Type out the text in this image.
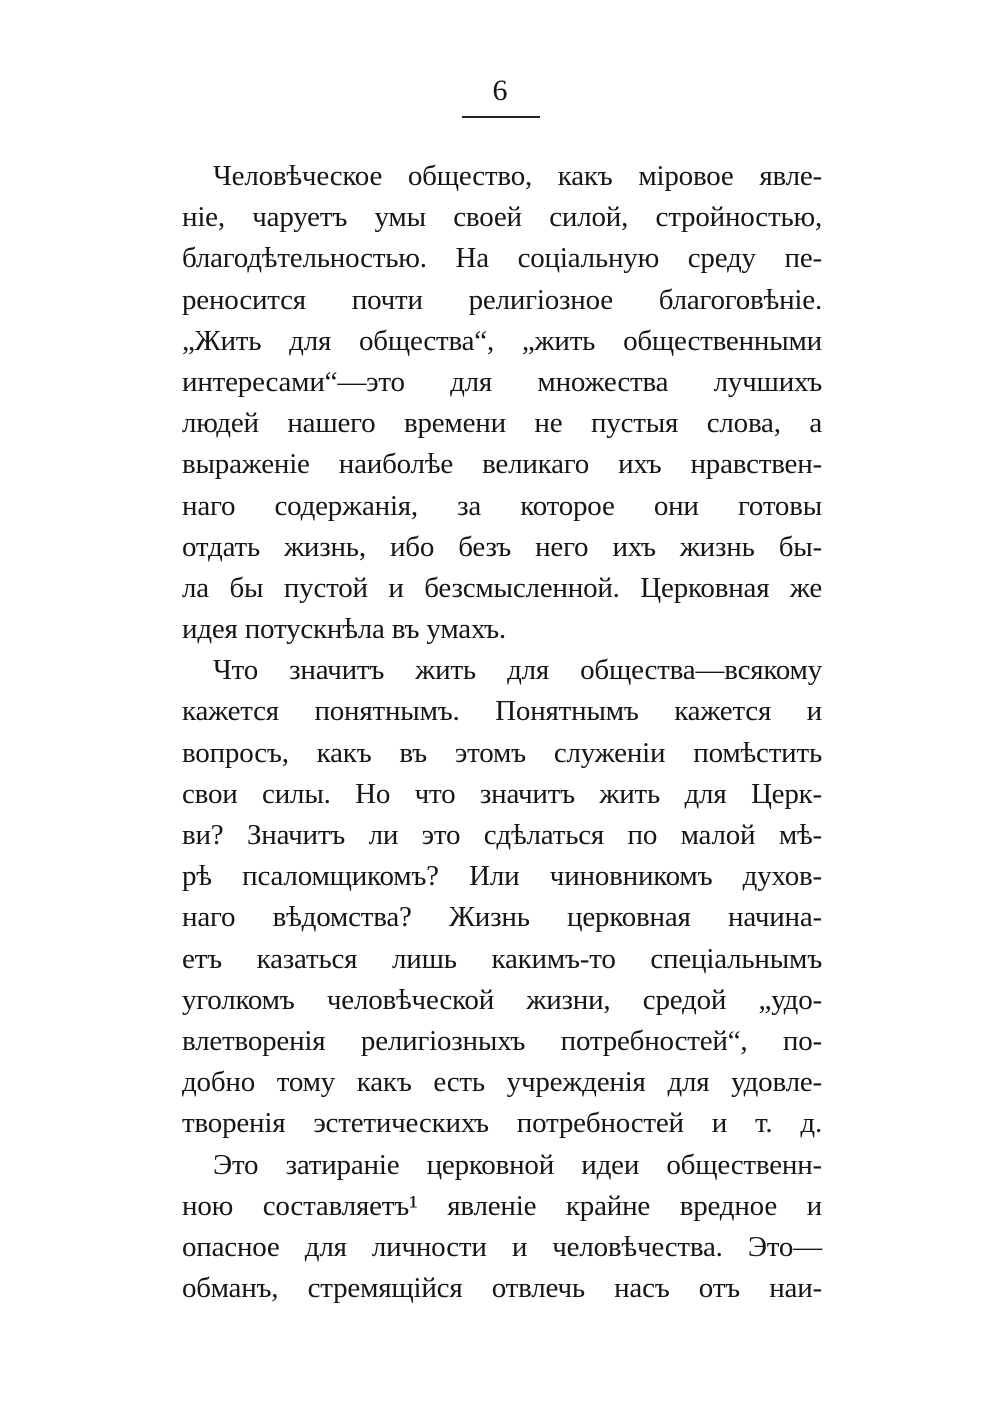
6
Человѣческое общество, какъ міровое явле-
ніе, чаруетъ умы своей силой, стройностью,
благодѣтельностью. На соціальную среду пе-
реносится почти религіозное благоговѣніе.
„Жить для общества“, „жить общественными
интересами“—это для множества лучшихъ
людей нашего времени не пустыя слова, а
выраженіе наиболѣе великаго ихъ нравствен-
наго содержанія, за которое они готовы
отдать жизнь, ибо безъ него ихъ жизнь бы-
ла бы пустой и безсмысленной. Церковная же
идея потускнѣла въ умахъ.
Что значитъ жить для общества—всякому
кажется понятнымъ. Понятнымъ кажется и
вопросъ, какъ въ этомъ служеніи помѣстить
свои силы. Но что значитъ жить для Церк-
ви? Значитъ ли это сдѣлаться по малой мѣ-
рѣ псаломщикомъ? Или чиновникомъ духов-
наго вѣдомства? Жизнь церковная начина-
етъ казаться лишь какимъ-то спеціальнымъ
уголкомъ человѣческой жизни, средой „удо-
влетворенія религіозныхъ потребностей“, по-
добно тому какъ есть учрежденія для удовле-
творенія эстетическихъ потребностей и т. д.
Это затираніе церковной идеи общественн-
ною составляетъ¹ явленіе крайне вредное и
опасное для личности и человѣчества. Это—
обманъ, стремящійся отвлечь насъ отъ наи-
